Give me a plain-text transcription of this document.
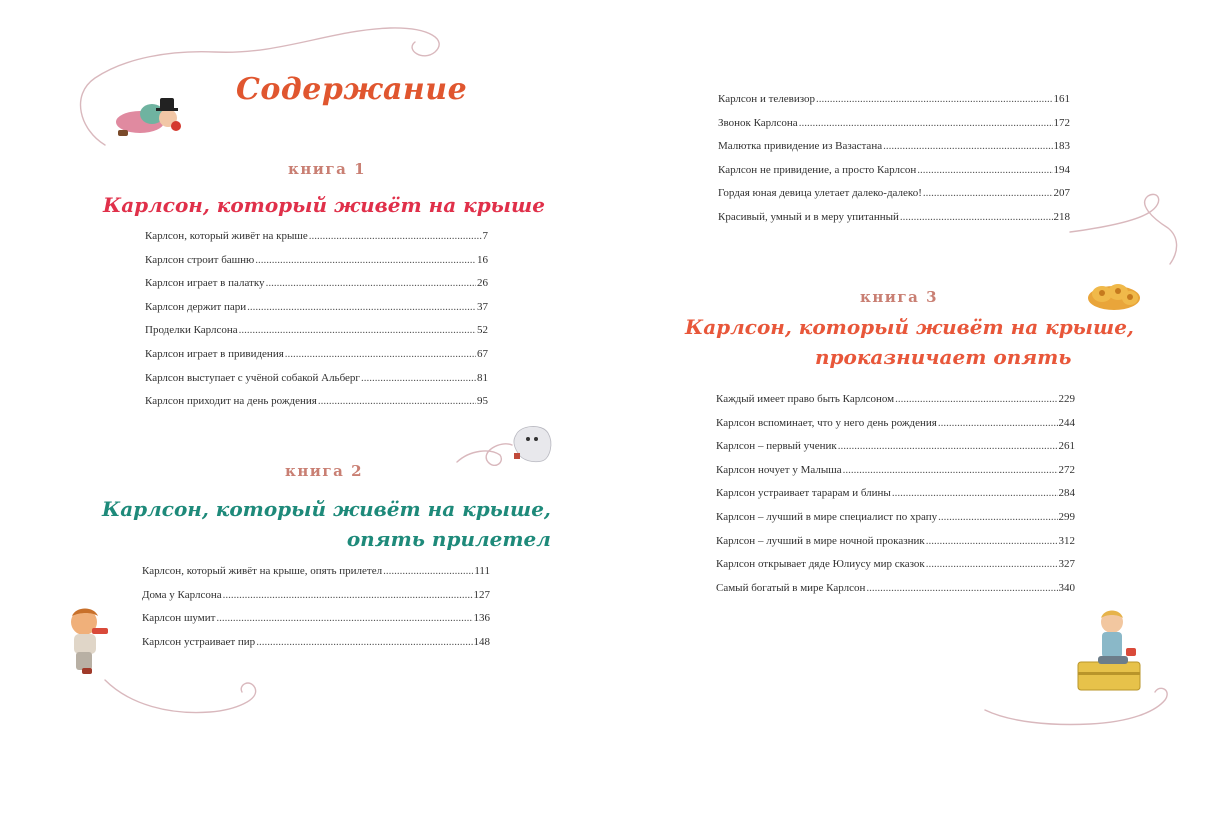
Содержание

книга 1

Карлсон, который живёт на крыше
Карлсон, который живёт на крыше .....	7
Карлсон строит башню .....	16
Карлсон играет в палатку .....	26
Карлсон держит пари .....	37
Проделки Карлсона .....	52
Карлсон играет в привидения .....	67
Карлсон выступает с учёной собакой Альберг .....	81
Карлсон приходит на день рождения .....	95

книга 2

Карлсон, который живёт на крыше,
опять прилетел
Карлсон, который живёт на крыше, опять прилетел .....	111
Дома у Карлсона .....	127
Карлсон шумит .....	136
Карлсон устраивает пир .....	148
Карлсон и телевизор .....	161
Звонок Карлсона .....	172
Малютка привидение из Вазастана .....	183
Карлсон не привидение, а просто Карлсон .....	194
Гордая юная девица улетает далеко-далеко! .....	207
Красивый, умный и в меру упитанный .....	218

книга 3

Карлсон, который живёт на крыше,
проказничает опять
Каждый имеет право быть Карлсоном .....	229
Карлсон вспоминает, что у него день рождения .....	244
Карлсон – первый ученик .....	261
Карлсон ночует у Малыша .....	272
Карлсон устраивает тарарам и блины .....	284
Карлсон – лучший в мире специалист по храпу .....	299
Карлсон – лучший в мире ночной проказник .....	312
Карлсон открывает дяде Юлиусу мир сказок .....	327
Самый богатый в мире Карлсон .....	340
